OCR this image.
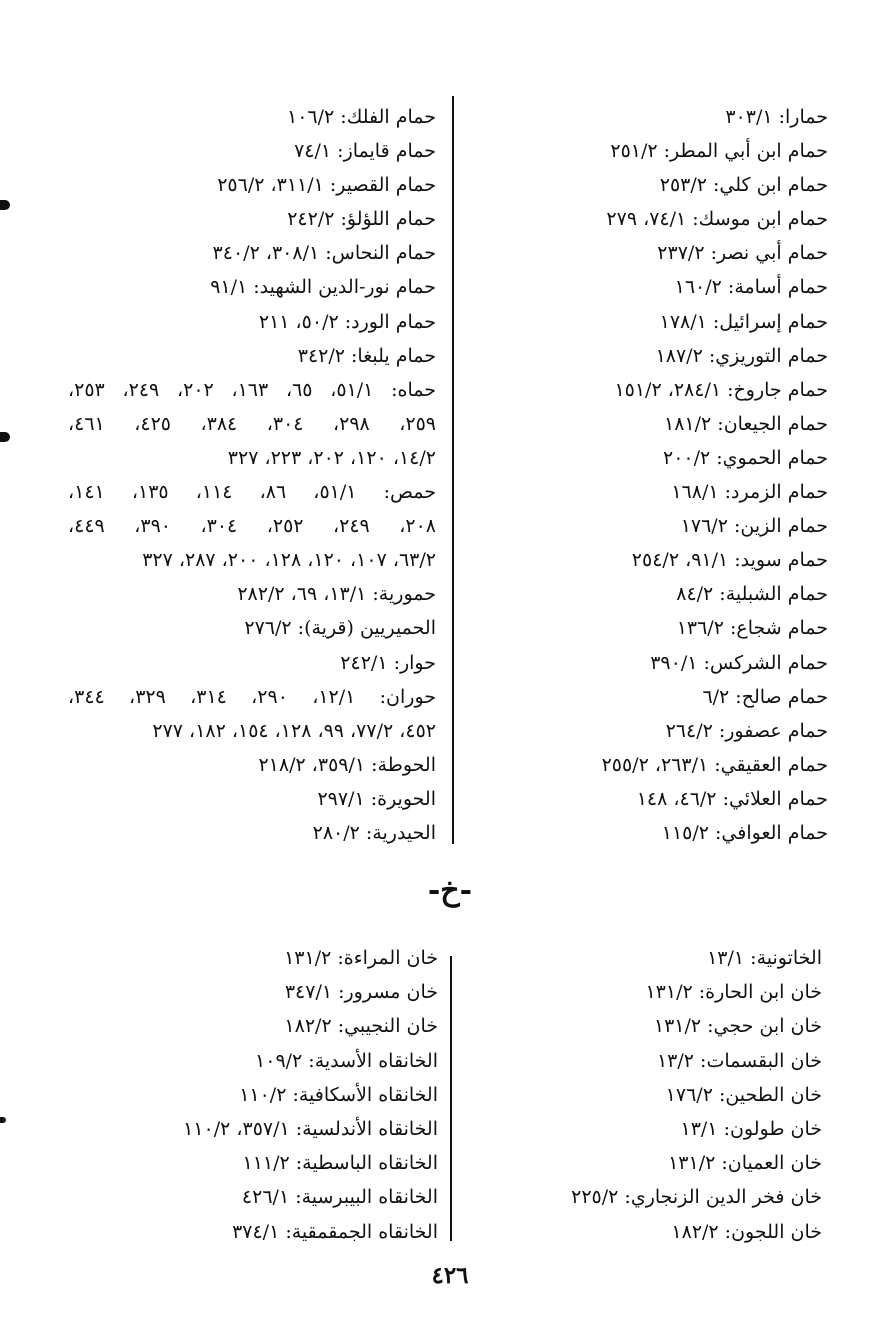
حمارا: ٣٠٣/١
حمام ابن أبي المطر: ٢٥١/٢
حمام ابن كلي: ٢٥٣/٢
حمام ابن موسك: ٧٤/١، ٢٧٩
حمام أبي نصر: ٢٣٧/٢
حمام أسامة: ١٦٠/٢
حمام إسرائيل: ١٧٨/١
حمام التوريزي: ١٨٧/٢
حمام جاروخ: ٢٨٤/١، ١٥١/٢
حمام الجيعان: ١٨١/٢
حمام الحموي: ٢٠٠/٢
حمام الزمرد: ١٦٨/١
حمام الزين: ١٧٦/٢
حمام سويد: ٩١/١، ٢٥٤/٢
حمام الشبلية: ٨٤/٢
حمام شجاع: ١٣٦/٢
حمام الشركس: ٣٩٠/١
حمام صالح: ٦/٢
حمام عصفور: ٢٦٤/٢
حمام العقيقي: ٢٦٣/١، ٢٥٥/٢
حمام العلائي: ٤٦/٢، ١٤٨
حمام العوافي: ١١٥/٢
حمام الفلك: ١٠٦/٢
حمام قايماز: ٧٤/١
حمام القصير: ٣١١/١، ٢٥٦/٢
حمام اللؤلؤ: ٢٤٢/٢
حمام النحاس: ٣٠٨/١، ٣٤٠/٢
حمام نور-الدين الشهيد: ٩١/١
حمام الورد: ٥٠/٢، ٢١١
حمام يلبغا: ٣٤٢/٢
حماه: ٥١/١، ٦٥، ١٦٣، ٢٠٢، ٢٤٩، ٢٥٣،
٢٥٩، ٢٩٨، ٣٠٤، ٣٨٤، ٤٢٥، ٤٦١،
١٤/٢، ١٢٠، ٢٠٢، ٢٢٣، ٣٢٧
حمص: ٥١/١، ٨٦، ١١٤، ١٣٥، ١٤١،
٢٠٨، ٢٤٩، ٢٥٢، ٣٠٤، ٣٩٠، ٤٤٩،
٦٣/٢، ١٠٧، ١٢٠، ١٢٨، ٢٠٠، ٢٨٧، ٣٢٧
حمورية: ١٣/١، ٦٩، ٢٨٢/٢
الحميريين (قرية): ٢٧٦/٢
حوار: ٢٤٢/١
حوران: ١٢/١، ٢٩٠، ٣١٤، ٣٢٩، ٣٤٤،
٤٥٢، ٧٧/٢، ٩٩، ١٢٨، ١٥٤، ١٨٢، ٢٧٧
الحوطة: ٣٥٩/١، ٢١٨/٢
الحويرة: ٢٩٧/١
الحيدرية: ٢٨٠/٢
-خ-
الخاتونية: ١٣/١
خان ابن الحارة: ١٣١/٢
خان ابن حجي: ١٣١/٢
خان البقسمات: ١٣/٢
خان الطحين: ١٧٦/٢
خان طولون: ١٣/١
خان العميان: ١٣١/٢
خان فخر الدين الزنجاري: ٢٢٥/٢
خان اللجون: ١٨٢/٢
خان المراءة: ١٣١/٢
خان مسرور: ٣٤٧/١
خان النجيبي: ١٨٢/٢
الخانقاه الأسدية: ١٠٩/٢
الخانقاه الأسكافية: ١١٠/٢
الخانقاه الأندلسية: ٣٥٧/١، ١١٠/٢
الخانقاه الباسطية: ١١١/٢
الخانقاه البيبرسية: ٤٢٦/١
الخانقاه الجمقمقية: ٣٧٤/١
٤٢٦
